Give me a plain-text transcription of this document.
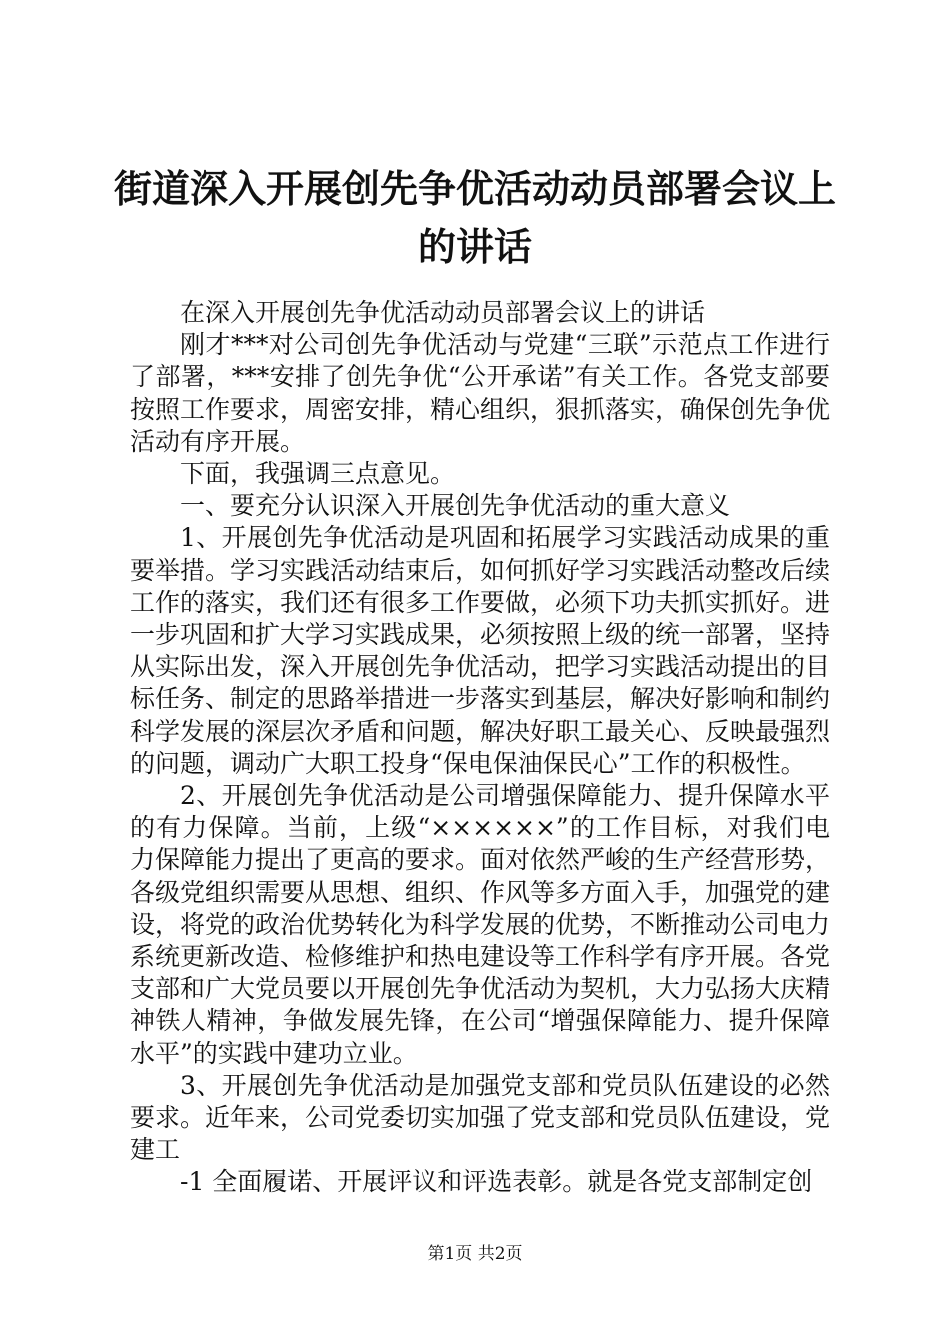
街道深入开展创先争优活动动员部署会议上的讲话

在深入开展创先争优活动动员部署会议上的讲话

刚才***对公司创先争优活动与党建“三联”示范点工作进行了部署，***安排了创先争优“公开承诺”有关工作。各党支部要按照工作要求，周密安排，精心组织，狠抓落实，确保创先争优活动有序开展。

下面，我强调三点意见。

一、要充分认识深入开展创先争优活动的重大意义

1、开展创先争优活动是巩固和拓展学习实践活动成果的重要举措。学习实践活动结束后，如何抓好学习实践活动整改后续工作的落实，我们还有很多工作要做，必须下功夫抓实抓好。进一步巩固和扩大学习实践成果，必须按照上级的统一部署，坚持从实际出发，深入开展创先争优活动，把学习实践活动提出的目标任务、制定的思路举措进一步落实到基层，解决好影响和制约科学发展的深层次矛盾和问题，解决好职工最关心、反映最强烈的问题，调动广大职工投身“保电保油保民心”工作的积极性。

2、开展创先争优活动是公司增强保障能力、提升保障水平的有力保障。当前，上级“××××××”的工作目标，对我们电力保障能力提出了更高的要求。面对依然严峻的生产经营形势，各级党组织需要从思想、组织、作风等多方面入手，加强党的建设，将党的政治优势转化为科学发展的优势，不断推动公司电力系统更新改造、检修维护和热电建设等工作科学有序开展。各党支部和广大党员要以开展创先争优活动为契机，大力弘扬大庆精神铁人精神，争做发展先锋，在公司“增强保障能力、提升保障水平”的实践中建功立业。

3、开展创先争优活动是加强党支部和党员队伍建设的必然要求。近年来，公司党委切实加强了党支部和党员队伍建设，党建工

-1 全面履诺、开展评议和评选表彰。就是各党支部制定创

第1页 共2页
